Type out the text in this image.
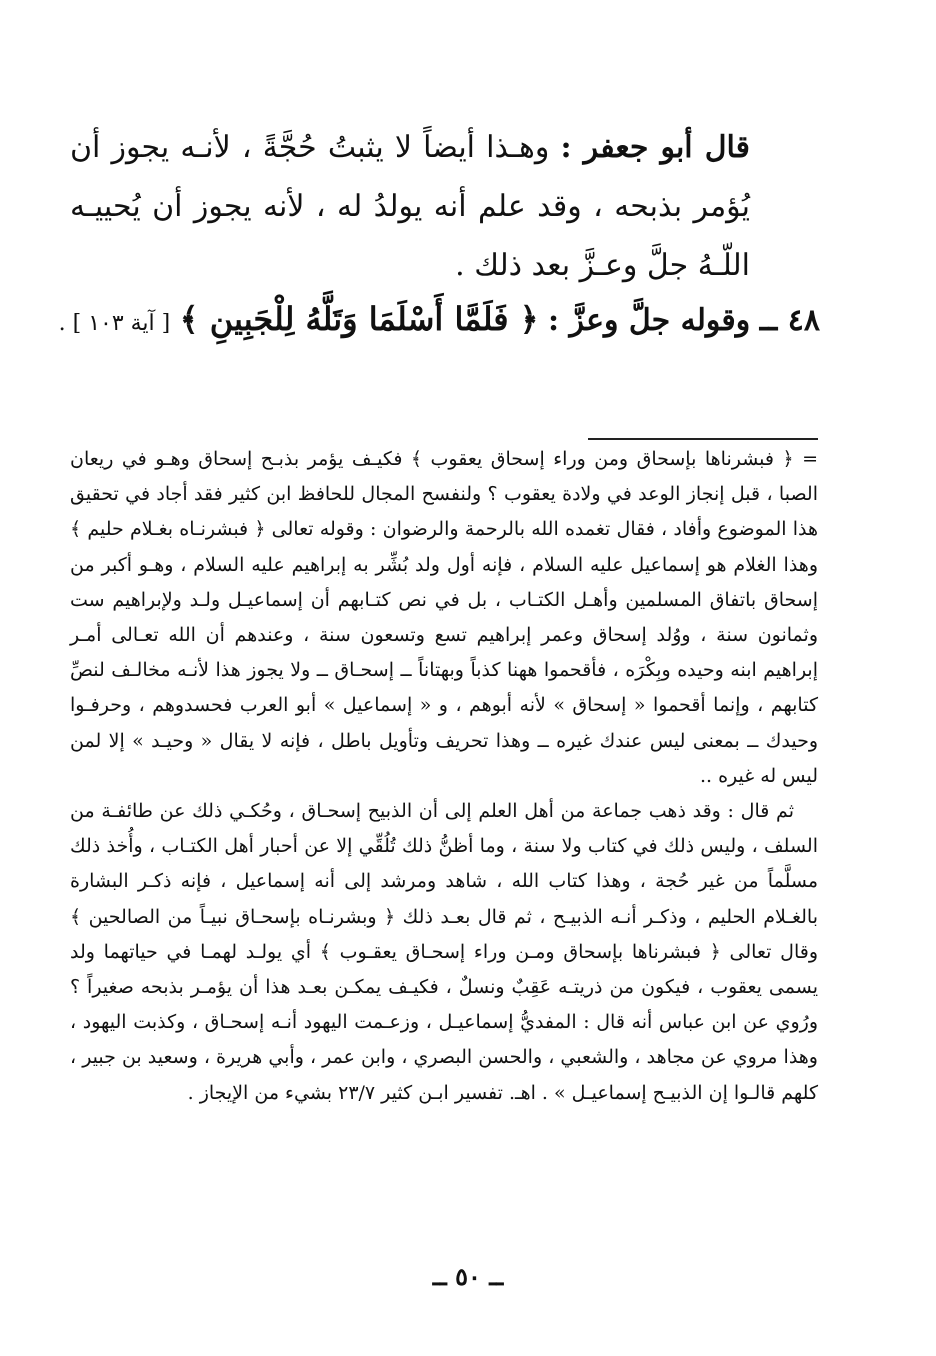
قال أبو جعفر : وهـذا أيضاً لا يثبتُ حُجَّةً ، لأنـه يجوز أن يُؤمر بذبحه ، وقد علم أنه يولدُ له ، لأنه يجوز أن يُحييـه اللّـهُ جلَّ وعـزَّ بعد ذلك .

٤٨ ــ وقوله جلَّ وعزَّ : ﴿ فَلَمَّا أَسْلَمَا وَتَلَّهُ لِلْجَبِينِ ﴾ [ آية ١٠٣ ] .

= ﴿ فبشرناها بإسحاق ومن وراء إسحاق يعقوب ﴾ فكيـف يؤمر بذبـح إسحاق وهـو في ريعان الصبا ، قبل إنجاز الوعد في ولادة يعقوب ؟ ولنفسح المجال للحافظ ابن كثير فقد أجاد في تحقيق هذا الموضوع وأفاد ، فقال تغمده الله بالرحمة والرضوان : وقوله تعالى ﴿ فبشرنـاه بغـلام حليم ﴾ وهذا الغلام هو إسماعيل عليه السلام ، فإنه أول ولد بُشِّر به إبراهيم عليه السلام ، وهـو أكبر من إسحاق باتفاق المسلمين وأهـل الكتـاب ، بل في نص كتـابهم أن إسماعيـل ولـد ولإبراهيم ست وثمانون سنة ، ووُلد إسحاق وعمر إبراهيم تسع وتسعون سنة ، وعندهم أن الله تعـالى أمـر إبراهيم ابنه وحيده وبِكْرَه ، فأقحموا ههنا كذباً وبهتاناً ــ إسحـاق ــ ولا يجوز هذا لأنـه مخالـف لنصِّ كتابهم ، وإنما أقحموا « إسحاق » لأنه أبوهم ، و « إسماعيل » أبو العرب فحسدوهم ، وحرفـوا وحيدك ــ بمعنى ليس عندك غيره ــ وهذا تحريف وتأويل باطل ، فإنه لا يقال « وحيـد » إلا لمن ليس له غيره ..

ثم قال : وقد ذهب جماعة من أهل العلم إلى أن الذبيح إسحـاق ، وحُكـي ذلك عن طائفـة من السلف ، وليس ذلك في كتاب ولا سنة ، وما أظنُّ ذلك تُلُقِّي إلا عن أحبار أهل الكتـاب ، وأُخذ ذلك مسلَّماً من غير حُجة ، وهذا كتاب الله ، شاهد ومرشد إلى أنه إسماعيل ، فإنه ذكـر البشارة بالغـلام الحليم ، وذكـر أنـه الذبيـح ، ثم قال بعـد ذلك ﴿ وبشرنـاه بإسحـاق نبيـاً من الصالحين ﴾ وقال تعالى ﴿ فبشرناها بإسحاق ومـن وراء إسحـاق يعقـوب ﴾ أي يولـد لهمـا في حياتهما ولد يسمى يعقوب ، فيكون من ذريتـه عَقِبٌ ونسلٌ ، فكيـف يمكـن بعـد هذا أن يؤمـر بذبحه صغيراً ؟ ورُوي عن ابن عباس أنه قال : المفديُّ إسماعيـل ، وزعـمت اليهود أنـه إسحـاق ، وكذبت اليهود ، وهذا مروي عن مجاهد ، والشعبي ، والحسن البصري ، وابن عمر ، وأبي هريرة ، وسعيد بن جبير ، كلهم قالـوا إن الذبيـح إسماعيـل » . اهـ. تفسير ابـن كثير ٢٣/٧ بشيء من الإيجاز .

ــ ٥٠ ــ
